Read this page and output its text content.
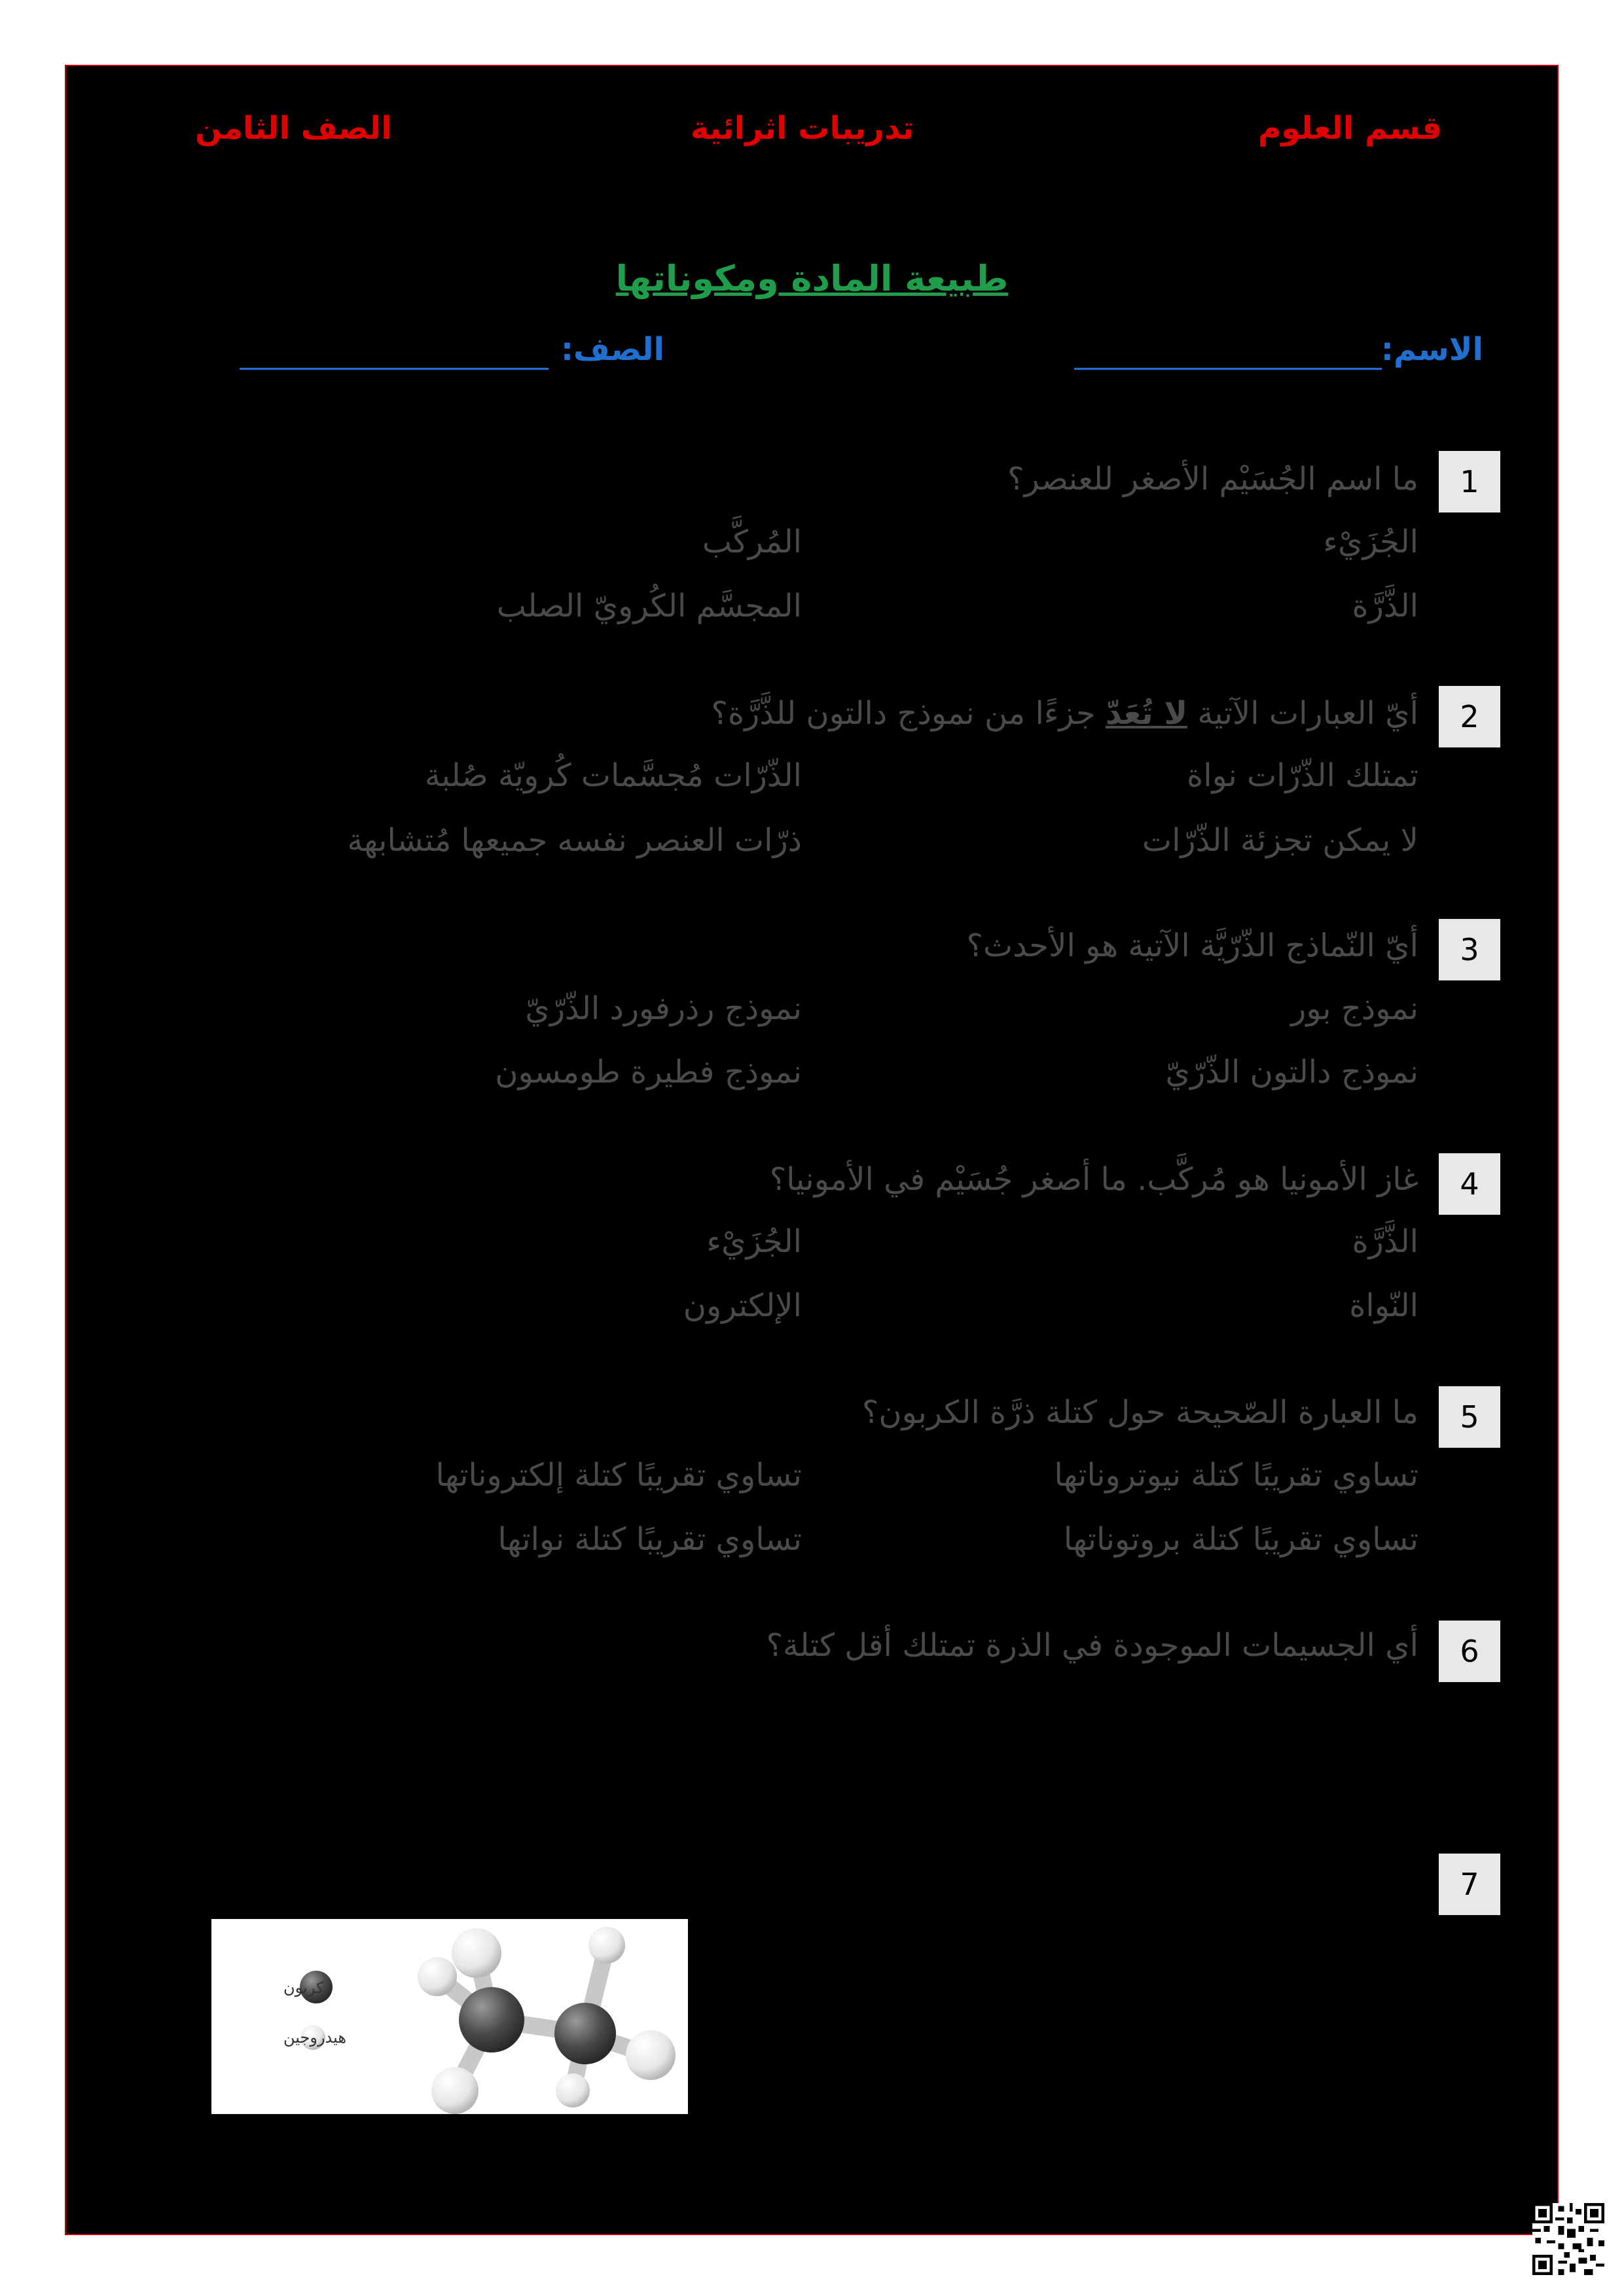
قسم العلوم
تدريبات اثرائية
الصف الثامن
طبيعة المادة ومكوناتها
الاسم:
الصف:
1
ما اسم الجُسَيْم الأصغر للعنصر؟
الجُزَيْء
المُركَّب
الذَّرَّة
المجسَّم الكُرويّ الصلب
2
أيّ العبارات الآتية لا تُعَدّ جزءًا من نموذج دالتون للذَّرَّة؟
تمتلك الذّرّات نواة
الذّرّات مُجسَّمات كُرويّة صُلبة
لا يمكن تجزئة الذّرّات
ذرّات العنصر نفسه جميعها مُتشابهة
3
أيّ النّماذج الذّرّيَّة الآتية هو الأحدث؟
نموذج بور
نموذج رذرفورد الذّرّيّ
نموذج دالتون الذّرّيّ
نموذج فطيرة طومسون
4
غاز الأمونيا هو مُركَّب. ما أصغر جُسَيْم في الأمونيا؟
الذَّرَّة
الجُزَيْء
النّواة
الإلكترون
5
ما العبارة الصّحيحة حول كتلة ذرَّة الكربون؟
تساوي تقريبًا كتلة نيوتروناتها
تساوي تقريبًا كتلة إلكتروناتها
تساوي تقريبًا كتلة بروتوناتها
تساوي تقريبًا كتلة نواتها
6
أي الجسيمات الموجودة في الذرة تمتلك أقل كتلة؟
7
كربون
هيدروجين
